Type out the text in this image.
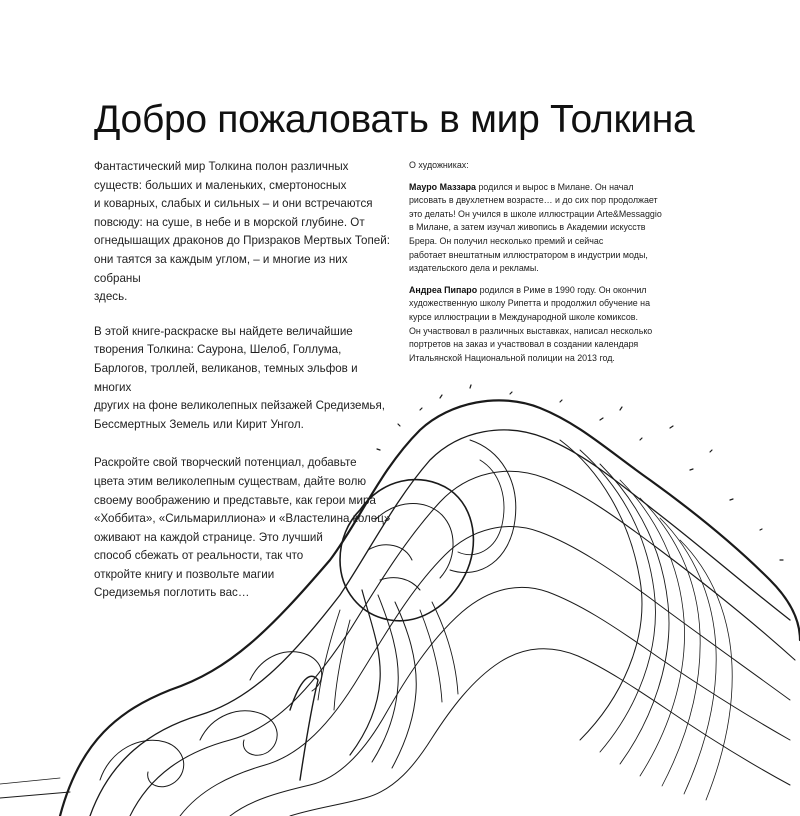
Добро пожаловать в мир Толкина

Фантастический мир Толкина полон различных
существ: больших и маленьких, смертоносных
и коварных, слабых и сильных – и они встречаются
повсюду: на суше, в небе и в морской глубине. От
огнедышащих драконов до Призраков Мертвых Топей:
они таятся за каждым углом, – и многие из них собраны
здесь.

В этой книге-раскраске вы найдете величайшие
творения Толкина: Саурона, Шелоб, Голлума,
Барлогов, троллей, великанов, темных эльфов и многих
других на фоне великолепных пейзажей Средиземья,
Бессмертных Земель или Кирит Унгол.

Раскройте свой творческий потенциал, добавьте
цвета этим великолепным существам, дайте волю
своему воображению и представьте, как герои мира
«Хоббита», «Сильмариллиона» и «Властелина колец»
оживают на каждой странице. Это лучший
способ сбежать от реальности, так что
откройте книгу и позвольте магии
Средиземья поглотить вас…

О художниках:

Мауро Маззара родился и вырос в Милане. Он начал
рисовать в двухлетнем возрасте… и до сих пор продолжает
это делать! Он учился в школе иллюстрации Arte&Messaggio
в Милане, а затем изучал живопись в Академии искусств
Брера. Он получил несколько премий и сейчас
работает внештатным иллюстратором в индустрии моды,
издательского дела и рекламы.

Андреа Пипаро родился в Риме в 1990 году. Он окончил
художественную школу Рипетта и продолжил обучение на
курсе иллюстрации в Международной школе комиксов.
Он участвовал в различных выставках, написал несколько
портретов на заказ и участвовал в создании календаря
Итальянской Национальной полиции на 2013 год.
